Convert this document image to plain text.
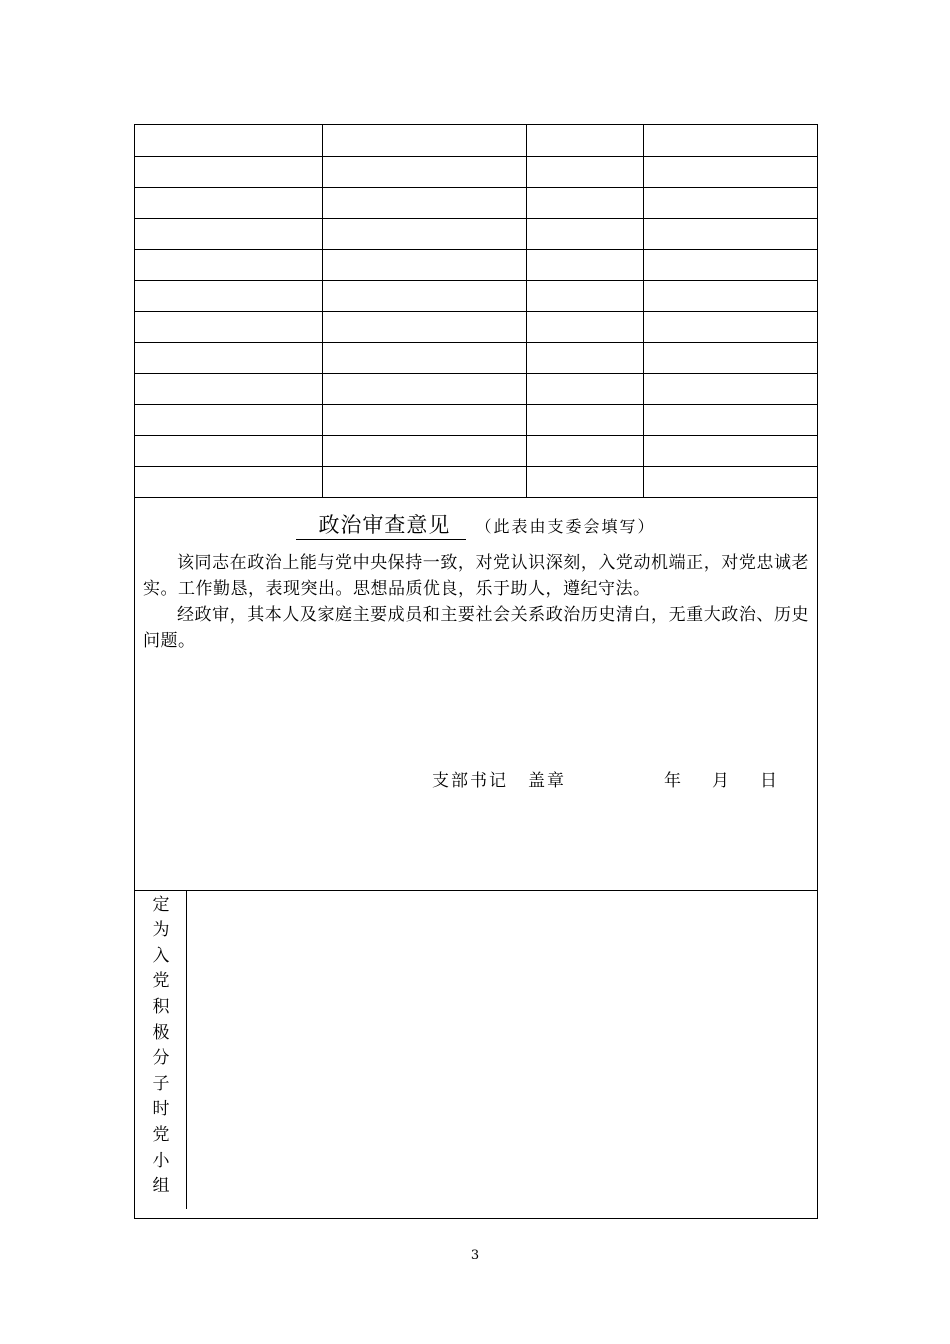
政治审查意见 （此表由支委会填写）

该同志在政治上能与党中央保持一致，对党认识深刻，入党动机端正，对党忠诚老实。工作勤恳，表现突出。思想品质优良，乐于助人，遵纪守法。

经政审，其本人及家庭主要成员和主要社会关系政治历史清白，无重大政治、历史问题。

支部书记 盖章	年 月 日
定
为
入
党
积
极
分
子
时
党
小
组
3
